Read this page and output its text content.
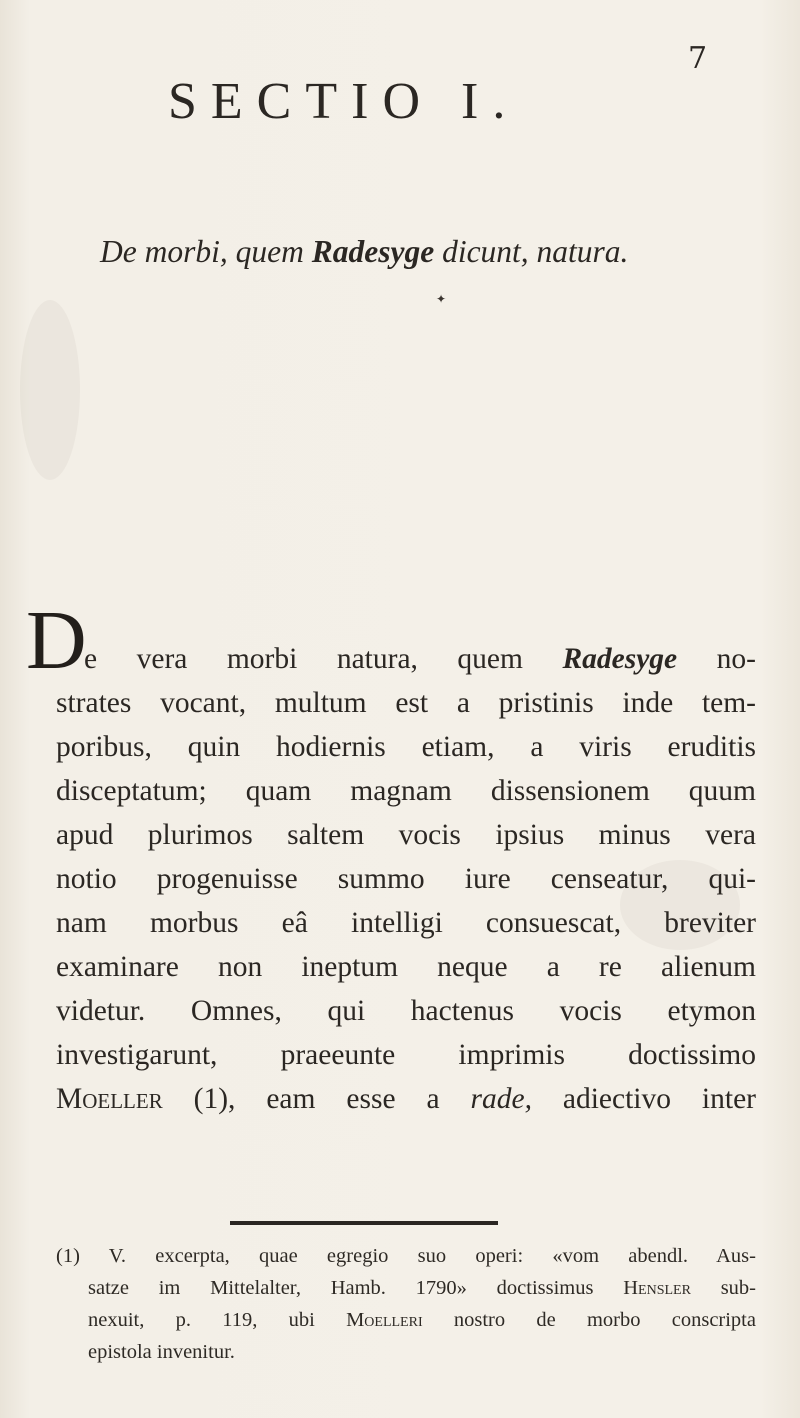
7
SECTIO I.
De morbi, quem Radesyge dicunt, natura.
✦
D
e vera morbi natura, quem Radesyge no-
strates vocant, multum est a pristinis inde tem-
poribus, quin hodiernis etiam, a viris eruditis
disceptatum; quam magnam dissensionem quum
apud plurimos saltem vocis ipsius minus vera
notio progenuisse summo iure censeatur, qui-
nam morbus eâ intelligi consuescat, breviter
examinare non ineptum neque a re alienum
videtur. Omnes, qui hactenus vocis etymon
investigarunt, praeeunte imprimis doctissimo
Moeller (1), eam esse a rade, adiectivo inter
(1) V. excerpta, quae egregio suo operi: «vom abendl. Aus-
satze im Mittelalter, Hamb. 1790» doctissimus Hensler sub-
nexuit, p. 119, ubi Moelleri nostro de morbo conscripta
epistola invenitur.
